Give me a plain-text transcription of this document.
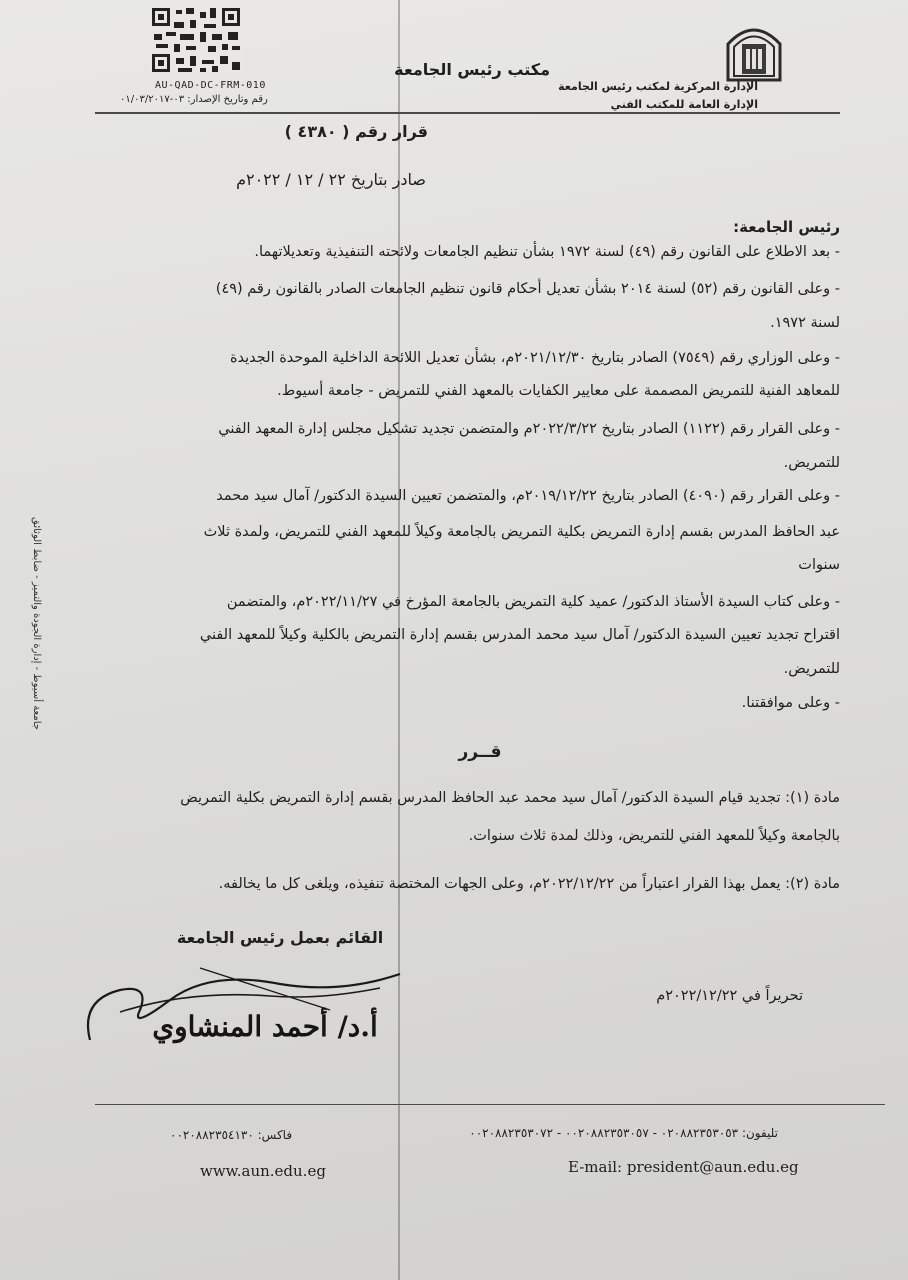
الإدارة المركزية لمكتب رئيس الجامعة
الإدارة العامة للمكتب الفني
مكتب رئيس الجامعة
AU-QAD-DC-FRM-010
رقم وتاريخ الإصدار: ٠٣-٠١/٠٣/٢٠١٧
قرار رقم ( ٤٣٨٠ )
صادر بتاريخ ٢٢ / ١٢ / ٢٠٢٢م
رئيس الجامعة:
- بعد الاطلاع على القانون رقم (٤٩) لسنة ١٩٧٢ بشأن تنظيم الجامعات ولائحته التنفيذية وتعديلاتهما.
- وعلى القانون رقم (٥٢) لسنة ٢٠١٤ بشأن تعديل أحكام قانون تنظيم الجامعات الصادر بالقانون رقم (٤٩)
لسنة ١٩٧٢.
- وعلى الوزاري رقم (٧٥٤٩) الصادر بتاريخ ٢٠٢١/١٢/٣٠م، بشأن تعديل اللائحة الداخلية الموحدة الجديدة
للمعاهد الفنية للتمريض المصممة على معايير الكفايات بالمعهد الفني للتمريض - جامعة أسيوط.
- وعلى القرار رقم (١١٢٢) الصادر بتاريخ ٢٠٢٢/٣/٢٢م والمتضمن تجديد تشكيل مجلس إدارة المعهد الفني
للتمريض.
- وعلى القرار رقم (٤٠٩٠) الصادر بتاريخ ٢٠١٩/١٢/٢٢م، والمتضمن تعيين السيدة الدكتور/ آمال سيد محمد
عبد الحافظ المدرس بقسم إدارة التمريض بكلية التمريض بالجامعة وكيلاً للمعهد الفني للتمريض، ولمدة ثلاث
سنوات
- وعلى كتاب السيدة الأستاذ الدكتور/ عميد كلية التمريض بالجامعة المؤرخ في ٢٠٢٢/١١/٢٧م، والمتضمن
اقتراح تجديد تعيين السيدة الدكتور/ آمال سيد محمد المدرس بقسم إدارة التمريض بالكلية وكيلاً للمعهد الفني
للتمريض.
- وعلى موافقتنا.
قــرر
مادة (١): تجديد قيام السيدة الدكتور/ آمال سيد محمد عبد الحافظ المدرس بقسم إدارة التمريض بكلية التمريض
بالجامعة وكيلاً للمعهد الفني للتمريض، وذلك لمدة ثلاث سنوات.
مادة (٢): يعمل بهذا القرار اعتباراً من ٢٠٢٢/١٢/٢٢م، وعلى الجهات المختصة تنفيذه، ويلغى كل ما يخالفه.
القائم بعمل رئيس الجامعة
أ.د/ أحمد المنشاوي
تحريراً في ٢٠٢٢/١٢/٢٢م
جامعة أسيوط - إدارة الجودة والتميز - ضابط الوثائق
تليفون: ٠٢٠٨٨٢٣٥٣٠٥٣ - ٠٠٢٠٨٨٢٣٥٣٠٥٧ - ٠٠٢٠٨٨٢٣٥٣٠٧٢
فاكس: ٠٠٢٠٨٨٢٣٥٤١٣٠
E-mail: president@aun.edu.eg
www.aun.edu.eg
